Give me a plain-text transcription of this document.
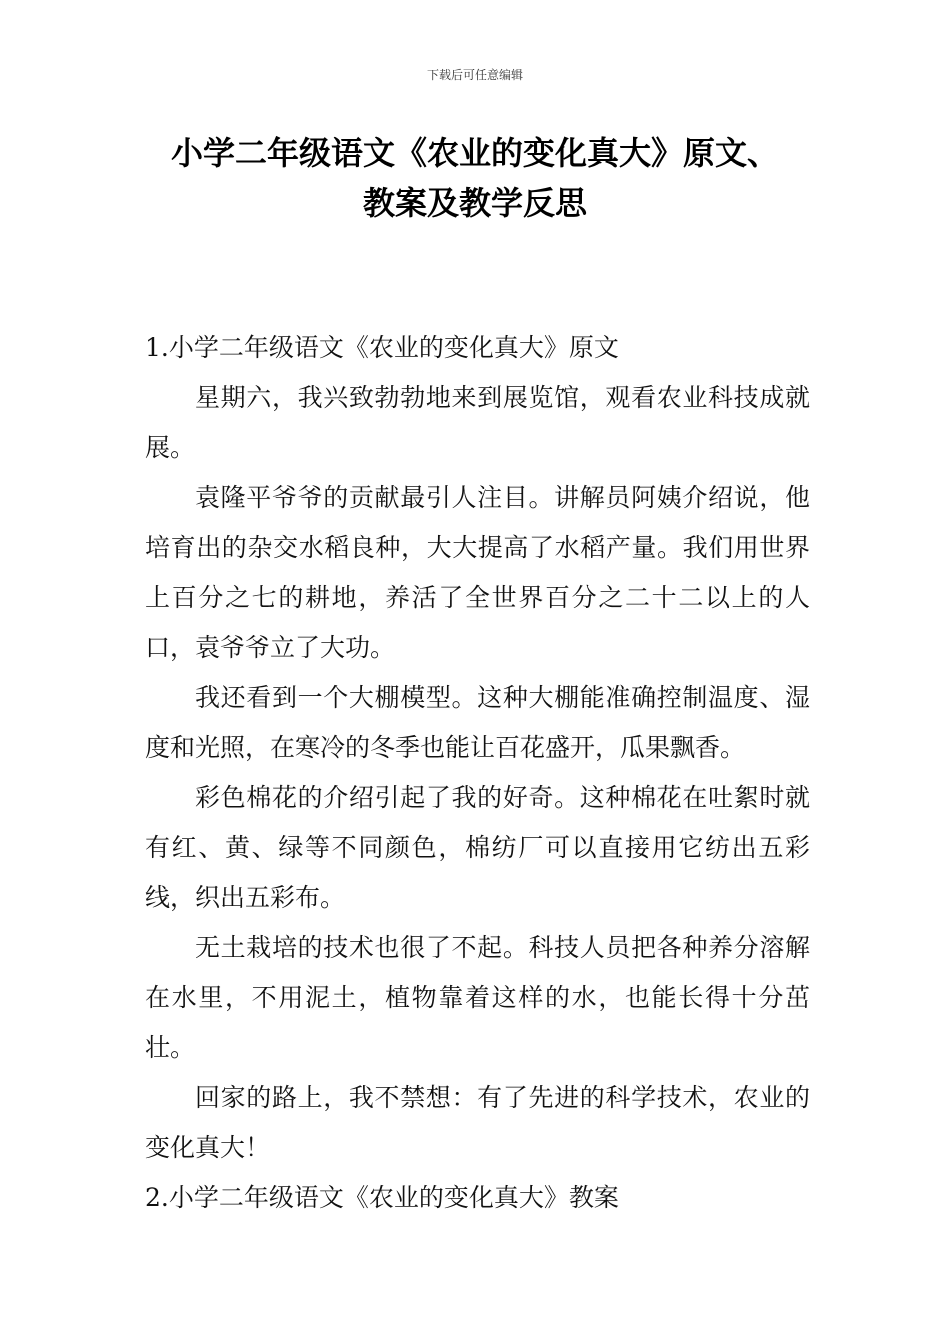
下载后可任意编辑
小学二年级语文《农业的变化真大》原文、
教案及教学反思

1.小学二年级语文《农业的变化真大》原文

星期六，我兴致勃勃地来到展览馆，观看农业科技成就展。

袁隆平爷爷的贡献最引人注目。讲解员阿姨介绍说，他培育出的杂交水稻良种，大大提高了水稻产量。我们用世界上百分之七的耕地，养活了全世界百分之二十二以上的人口，袁爷爷立了大功。

我还看到一个大棚模型。这种大棚能准确控制温度、湿度和光照，在寒冷的冬季也能让百花盛开，瓜果飘香。

彩色棉花的介绍引起了我的好奇。这种棉花在吐絮时就有红、黄、绿等不同颜色，棉纺厂可以直接用它纺出五彩线，织出五彩布。

无土栽培的技术也很了不起。科技人员把各种养分溶解在水里，不用泥土，植物靠着这样的水，也能长得十分茁壮。

回家的路上，我不禁想：有了先进的科学技术，农业的变化真大！

2.小学二年级语文《农业的变化真大》教案
